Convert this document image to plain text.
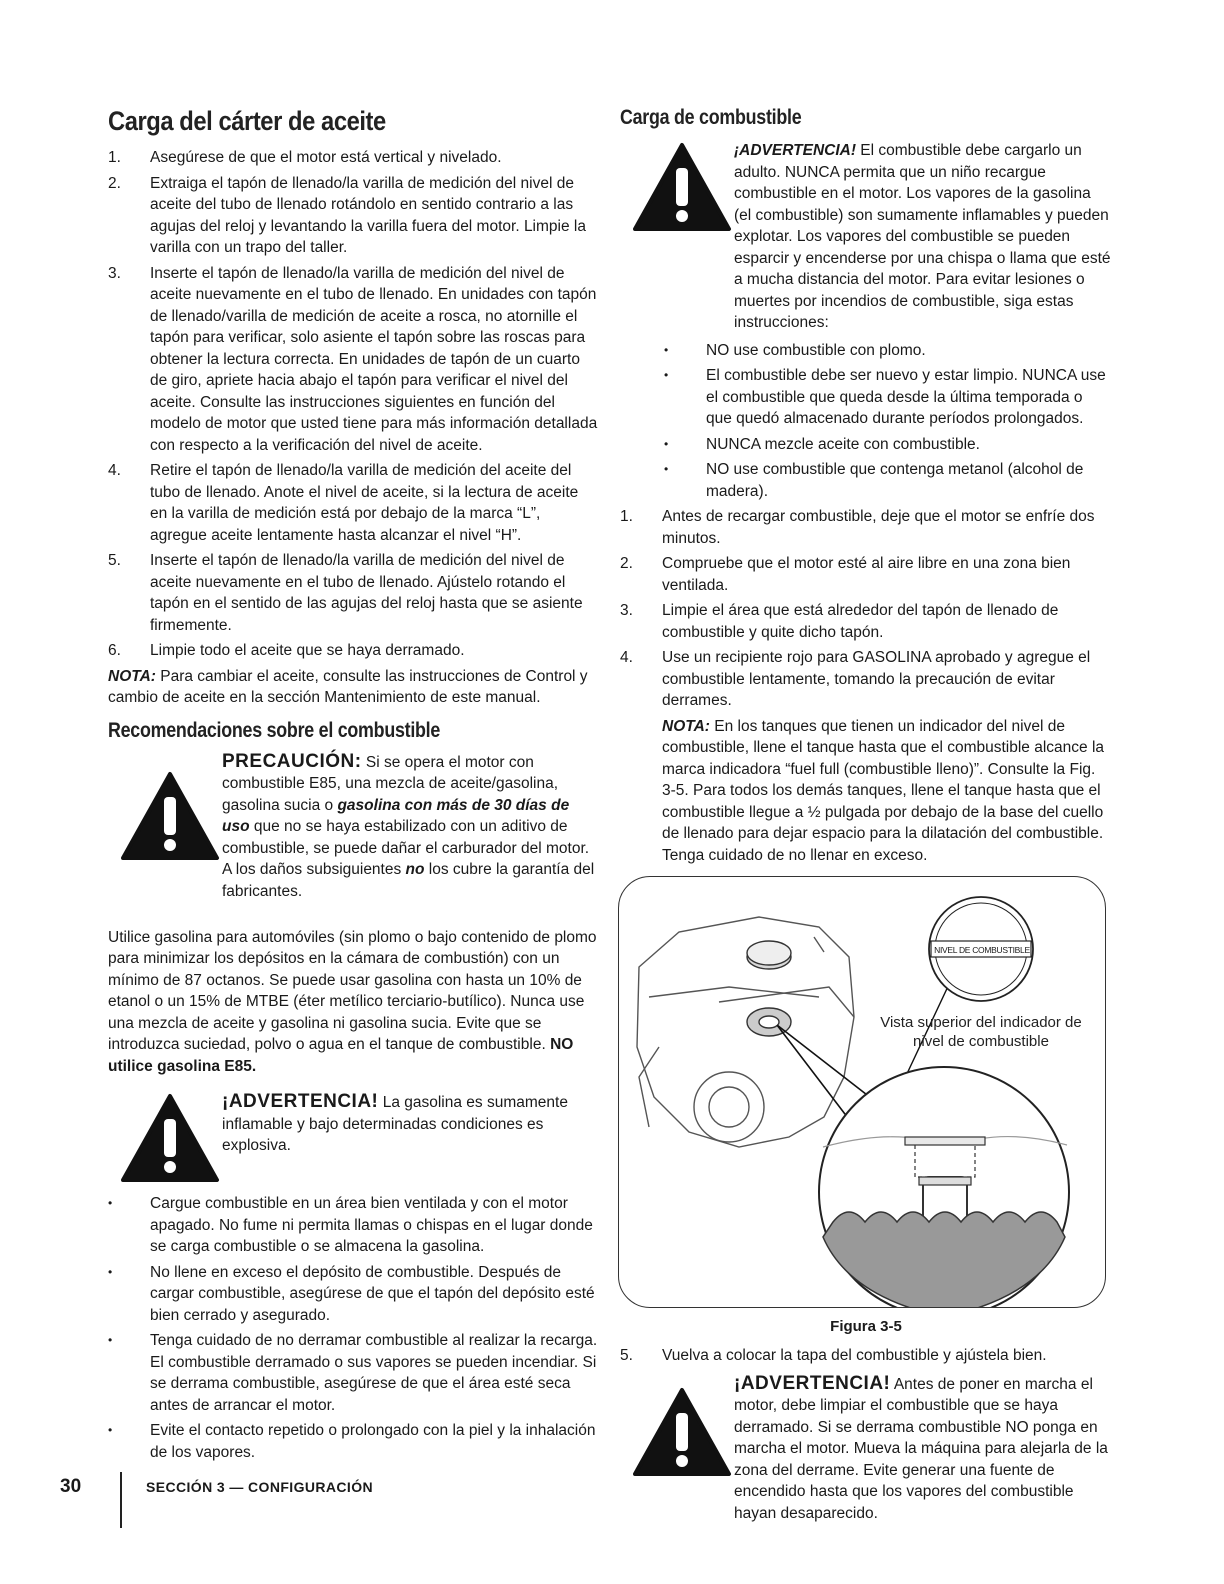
Carga del cárter de aceite
1. Asegúrese de que el motor está vertical y nivelado.
2. Extraiga el tapón de llenado/la varilla de medición del nivel de aceite del tubo de llenado rotándolo en sentido contrario a las agujas del reloj y levantando la varilla fuera del motor. Limpie la varilla con un trapo del taller.
3. Inserte el tapón de llenado/la varilla de medición del nivel de aceite nuevamente en el tubo de llenado. En unidades con tapón de llenado/varilla de medición de aceite a rosca, no atornille el tapón para verificar, solo asiente el tapón sobre las roscas para obtener la lectura correcta. En unidades de tapón de un cuarto de giro, apriete hacia abajo el tapón para verificar el nivel del aceite. Consulte las instrucciones siguientes en función del modelo de motor que usted tiene para más información detallada con respecto a la verificación del nivel de aceite.
4. Retire el tapón de llenado/la varilla de medición del aceite del tubo de llenado. Anote el nivel de aceite, si la lectura de aceite en la varilla de medición está por debajo de la marca “L”, agregue aceite lentamente hasta alcanzar el nivel “H”.
5. Inserte el tapón de llenado/la varilla de medición del nivel de aceite nuevamente en el tubo de llenado. Ajústelo rotando el tapón en el sentido de las agujas del reloj hasta que se asiente firmemente.
6. Limpie todo el aceite que se haya derramado.

NOTA: Para cambiar el aceite, consulte las instrucciones de Control y cambio de aceite en la sección Mantenimiento de este manual.

Recomendaciones sobre el combustible
PRECAUCIÓN: Si se opera el motor con combustible E85, una mezcla de aceite/gasolina, gasolina sucia o gasolina con más de 30 días de uso que no se haya estabilizado con un aditivo de combustible, se puede dañar el carburador del motor. A los daños subsiguientes no los cubre la garantía del fabricantes.

Utilice gasolina para automóviles (sin plomo o bajo contenido de plomo para minimizar los depósitos en la cámara de combustión) con un mínimo de 87 octanos. Se puede usar gasolina con hasta un 10% de etanol o un 15% de MTBE (éter metílico terciario-butílico). Nunca use una mezcla de aceite y gasolina ni gasolina sucia. Evite que se introduzca suciedad, polvo o agua en el tanque de combustible. NO utilice gasolina E85.

¡ADVERTENCIA! La gasolina es sumamente inflamable y bajo determinadas condiciones es explosiva.
• Cargue combustible en un área bien ventilada y con el motor apagado. No fume ni permita llamas o chispas en el lugar donde se carga combustible o se almacena la gasolina.
• No llene en exceso el depósito de combustible. Después de cargar combustible, asegúrese de que el tapón del depósito esté bien cerrado y asegurado.
• Tenga cuidado de no derramar combustible al realizar la recarga. El combustible derramado o sus vapores se pueden incendiar. Si se derrama combustible, asegúrese de que el área esté seca antes de arrancar el motor.
• Evite el contacto repetido o prolongado con la piel y la inhalación de los vapores.
Carga de combustible
¡ADVERTENCIA! El combustible debe cargarlo un adulto. NUNCA permita que un niño recargue combustible en el motor. Los vapores de la gasolina (el combustible) son sumamente inflamables y pueden explotar. Los vapores del combustible se pueden esparcir y encenderse por una chispa o llama que esté a mucha distancia del motor. Para evitar lesiones o muertes por incendios de combustible, siga estas instrucciones:
• NO use combustible con plomo.
• El combustible debe ser nuevo y estar limpio. NUNCA use el combustible que queda desde la última temporada o que quedó almacenado durante períodos prolongados.
• NUNCA mezcle aceite con combustible.
• NO use combustible que contenga metanol (alcohol de madera).
1. Antes de recargar combustible, deje que el motor se enfríe dos minutos.
2. Compruebe que el motor esté al aire libre en una zona bien ventilada.
3. Limpie el área que está alrededor del tapón de llenado de combustible y quite dicho tapón.
4. Use un recipiente rojo para GASOLINA aprobado y agregue el combustible lentamente, tomando la precaución de evitar derrames.

NOTA: En los tanques que tienen un indicador del nivel de combustible, llene el tanque hasta que el combustible alcance la marca indicadora “fuel full (combustible lleno)”. Consulte la Fig. 3-5. Para todos los demás tanques, llene el tanque hasta que el combustible llegue a ½ pulgada por debajo de la base del cuello de llenado para dejar espacio para la dilatación del combustible. Tenga cuidado de no llenar en exceso.

NIVEL DE COMBUSTIBLE
Vista superior del indicador de nivel de combustible
Figura 3-5
5. Vuelva a colocar la tapa del combustible y ajústela bien.
¡ADVERTENCIA! Antes de poner en marcha el motor, debe limpiar el combustible que se haya derramado. Si se derrama combustible NO ponga en marcha el motor. Mueva la máquina para alejarla de la zona del derrame. Evite generar una fuente de encendido hasta que los vapores del combustible hayan desaparecido.
30	SECCIÓN 3 — CONFIGURACIÓN
